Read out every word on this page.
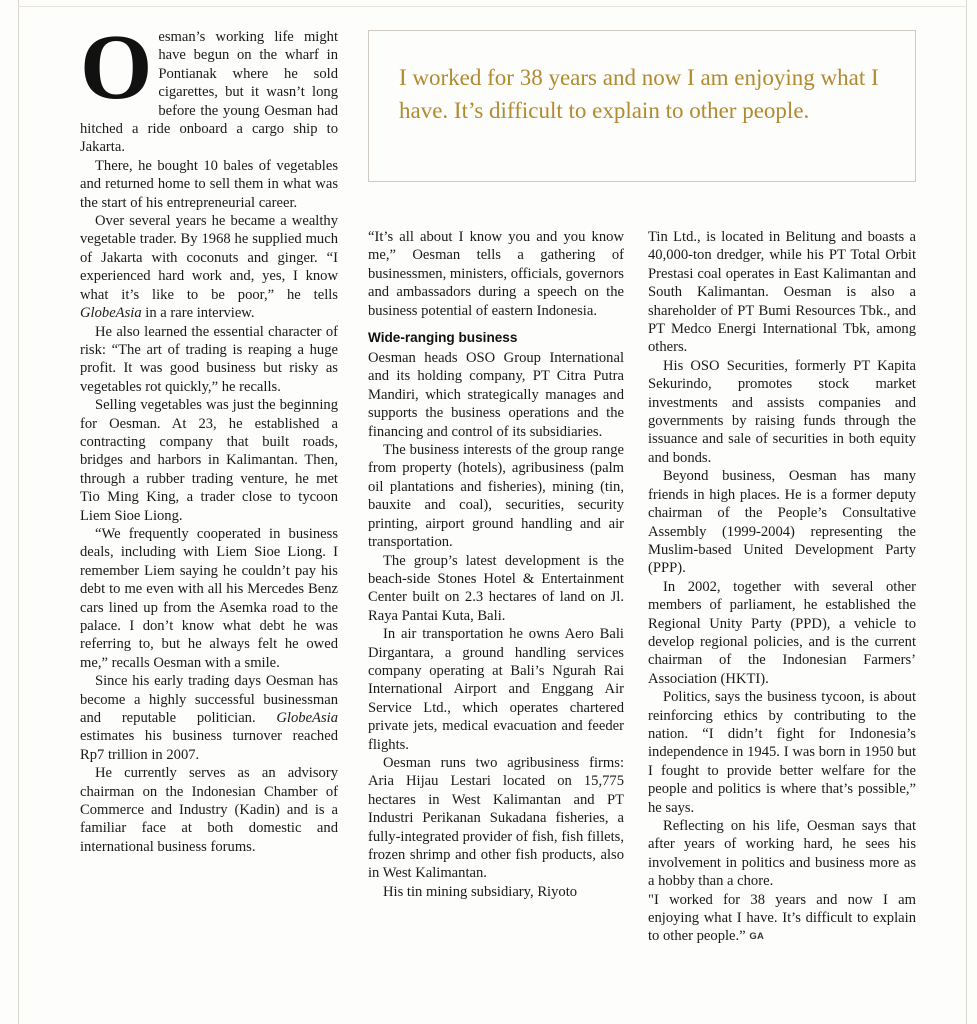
I worked for 38 years and now I am enjoying what I have. It’s difficult to explain to other people.

Oesman’s working life might have begun on the wharf in Pontianak where he sold cigarettes, but it wasn’t long before the young Oesman had hitched a ride onboard a cargo ship to Jakarta.

There, he bought 10 bales of vegetables and returned home to sell them in what was the start of his entrepreneurial career.

Over several years he became a wealthy vegetable trader. By 1968 he supplied much of Jakarta with coconuts and ginger. “I experienced hard work and, yes, I know what it’s like to be poor,” he tells GlobeAsia in a rare interview.

He also learned the essential character of risk: “The art of trading is reaping a huge profit. It was good business but risky as vegetables rot quickly,” he recalls.

Selling vegetables was just the beginning for Oesman. At 23, he established a contracting company that built roads, bridges and harbors in Kalimantan. Then, through a rubber trading venture, he met Tio Ming King, a trader close to tycoon Liem Sioe Liong.

“We frequently cooperated in business deals, including with Liem Sioe Liong. I remember Liem saying he couldn’t pay his debt to me even with all his Mercedes Benz cars lined up from the Asemka road to the palace. I don’t know what debt he was referring to, but he always felt he owed me,” recalls Oesman with a smile.

Since his early trading days Oesman has become a highly successful businessman and reputable politician. GlobeAsia estimates his business turnover reached Rp7 trillion in 2007.

He currently serves as an advisory chairman on the Indonesian Chamber of Commerce and Industry (Kadin) and is a familiar face at both domestic and international business forums.

“It’s all about I know you and you know me,” Oesman tells a gathering of businessmen, ministers, officials, governors and ambassadors during a speech on the business potential of eastern Indonesia.

Wide-ranging business

Oesman heads OSO Group International and its holding company, PT Citra Putra Mandiri, which strategically manages and supports the business operations and the financing and control of its subsidiaries.

The business interests of the group range from property (hotels), agribusiness (palm oil plantations and fisheries), mining (tin, bauxite and coal), securities, security printing, airport ground handling and air transportation.

The group’s latest development is the beach-side Stones Hotel & Entertainment Center built on 2.3 hectares of land on Jl. Raya Pantai Kuta, Bali.

In air transportation he owns Aero Bali Dirgantara, a ground handling services company operating at Bali’s Ngurah Rai International Airport and Enggang Air Service Ltd., which operates chartered private jets, medical evacuation and feeder flights.

Oesman runs two agribusiness firms: Aria Hijau Lestari located on 15,775 hectares in West Kalimantan and PT Industri Perikanan Sukadana fisheries, a fully-integrated provider of fish, fish fillets, frozen shrimp and other fish products, also in West Kalimantan.

His tin mining subsidiary, Riyoto

Tin Ltd., is located in Belitung and boasts a 40,000-ton dredger, while his PT Total Orbit Prestasi coal operates in East Kalimantan and South Kalimantan. Oesman is also a shareholder of PT Bumi Resources Tbk., and PT Medco Energi International Tbk, among others.

His OSO Securities, formerly PT Kapita Sekurindo, promotes stock market investments and assists companies and governments by raising funds through the issuance and sale of securities in both equity and bonds.

Beyond business, Oesman has many friends in high places. He is a former deputy chairman of the People’s Consultative Assembly (1999-2004) representing the Muslim-based United Development Party (PPP).

In 2002, together with several other members of parliament, he established the Regional Unity Party (PPD), a vehicle to develop regional policies, and is the current chairman of the Indonesian Farmers’ Association (HKTI).

Politics, says the business tycoon, is about reinforcing ethics by contributing to the nation. “I didn’t fight for Indonesia’s independence in 1945. I was born in 1950 but I fought to provide better welfare for the people and politics is where that’s possible,” he says.

Reflecting on his life, Oesman says that after years of working hard, he sees his involvement in politics and business more as a hobby than a chore.

"I worked for 38 years and now I am enjoying what I have. It’s difficult to explain to other people.” GA
